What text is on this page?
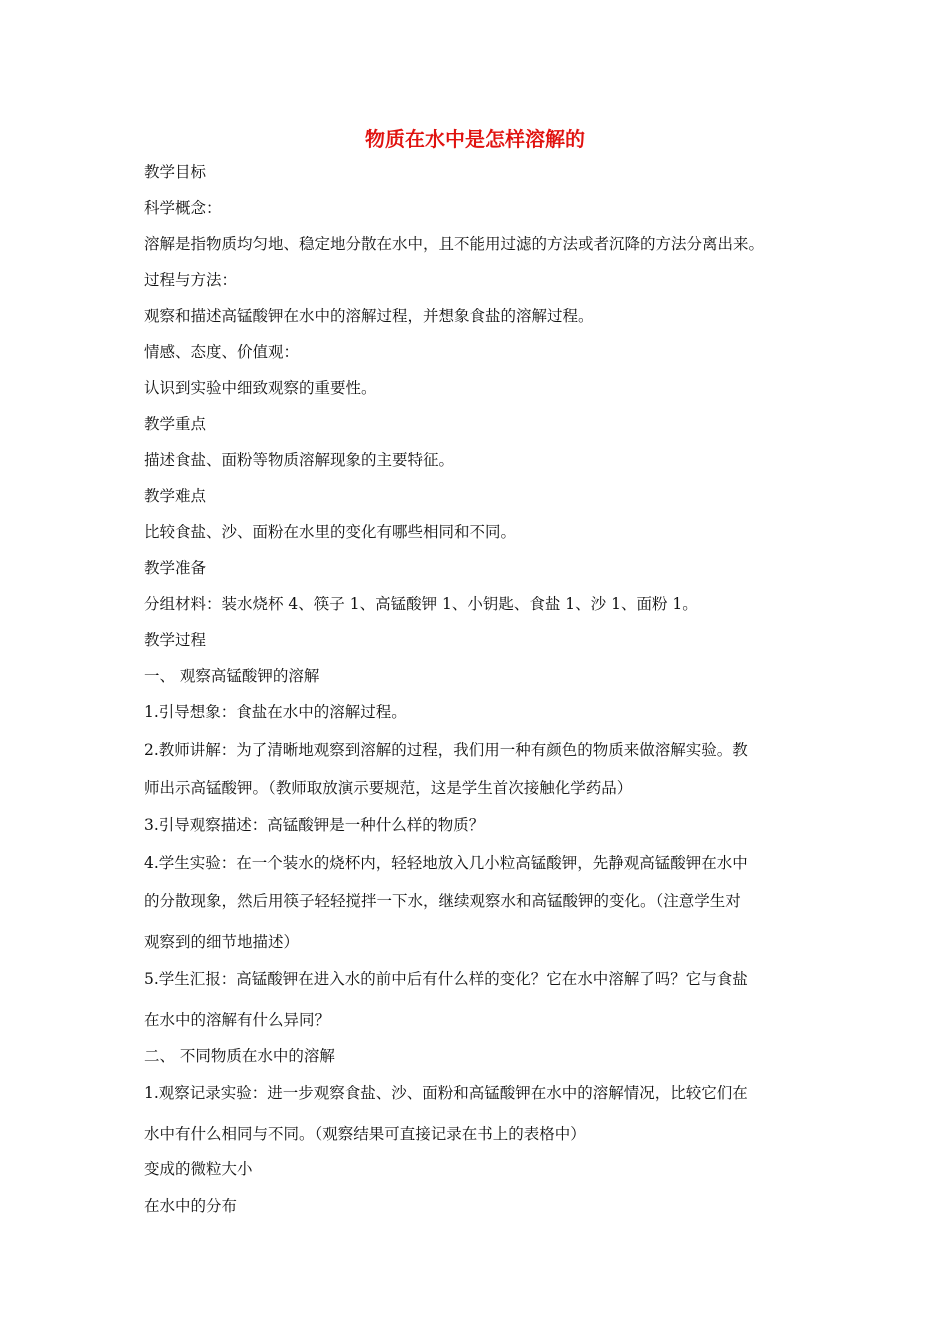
物质在水中是怎样溶解的
教学目标
科学概念：
溶解是指物质均匀地、稳定地分散在水中，且不能用过滤的方法或者沉降的方法分离出来。
过程与方法：
观察和描述高锰酸钾在水中的溶解过程，并想象食盐的溶解过程。
情感、态度、价值观：
认识到实验中细致观察的重要性。
教学重点
描述食盐、面粉等物质溶解现象的主要特征。
教学难点
比较食盐、沙、面粉在水里的变化有哪些相同和不同。
教学准备
分组材料：装水烧杯 4、筷子 1、高锰酸钾 1、小钥匙、食盐 1、沙 1、面粉 1。
教学过程
一、 观察高锰酸钾的溶解
1.引导想象：食盐在水中的溶解过程。
2.教师讲解：为了清晰地观察到溶解的过程，我们用一种有颜色的物质来做溶解实验。教
师出示高锰酸钾。（教师取放演示要规范，这是学生首次接触化学药品）
3.引导观察描述：高锰酸钾是一种什么样的物质？
4.学生实验：在一个装水的烧杯内，轻轻地放入几小粒高锰酸钾，先静观高锰酸钾在水中
的分散现象，然后用筷子轻轻搅拌一下水，继续观察水和高锰酸钾的变化。（注意学生对
观察到的细节地描述）
5.学生汇报：高锰酸钾在进入水的前中后有什么样的变化？它在水中溶解了吗？它与食盐
在水中的溶解有什么异同？
二、 不同物质在水中的溶解
1.观察记录实验：进一步观察食盐、沙、面粉和高锰酸钾在水中的溶解情况，比较它们在
水中有什么相同与不同。（观察结果可直接记录在书上的表格中）
变成的微粒大小
在水中的分布
